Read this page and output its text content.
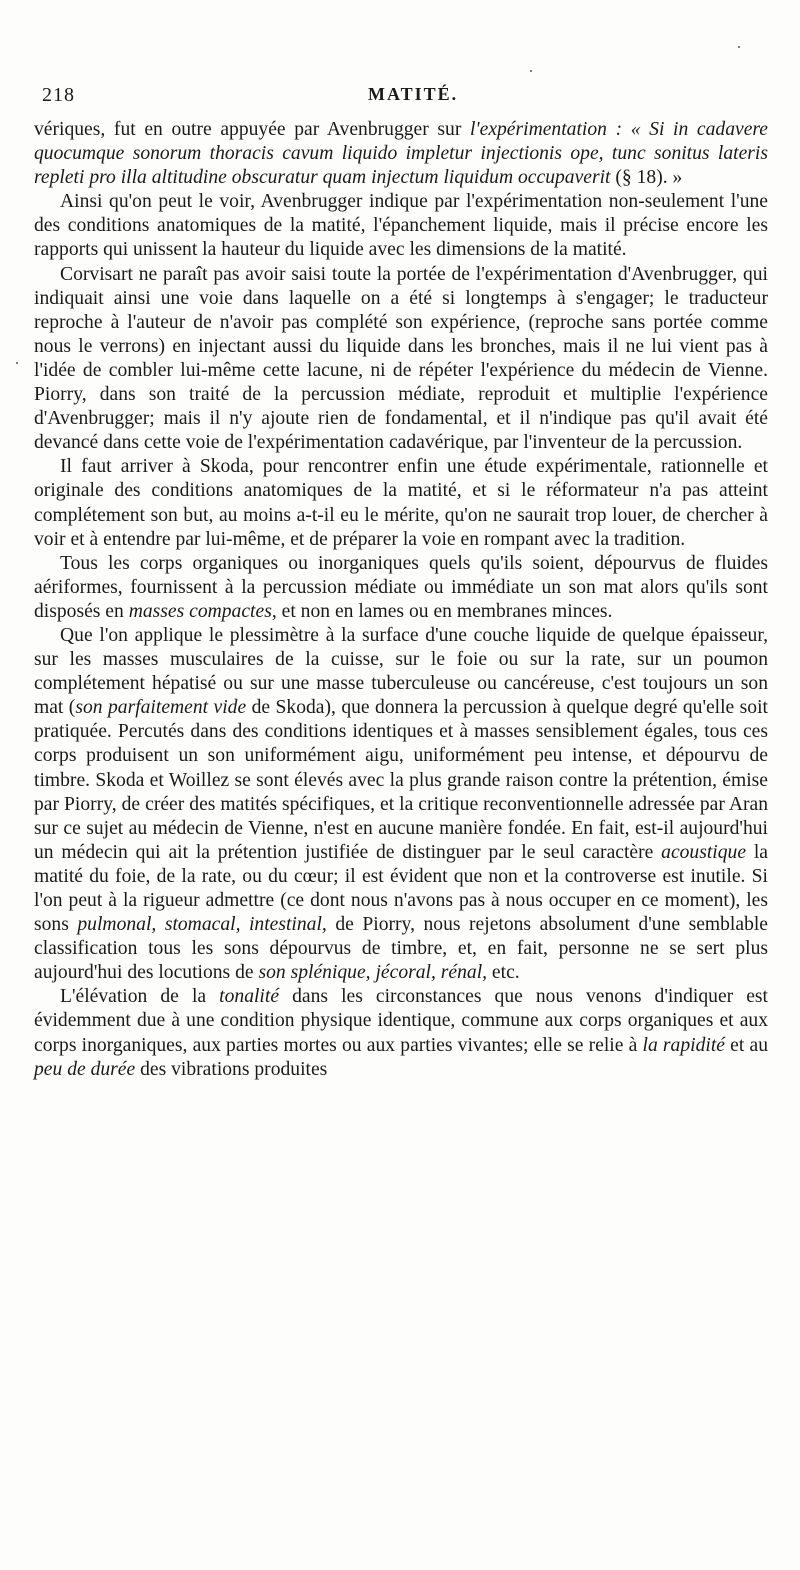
218	MATITÉ.

vériques, fut en outre appuyée par Avenbrugger sur l'expérimentation : « Si in cadavere quocumque sonorum thoracis cavum liquido impletur injectionis ope, tunc sonitus lateris repleti pro illa altitudine obscuratur quam injectum liquidum occupaverit (§ 18). »

Ainsi qu'on peut le voir, Avenbrugger indique par l'expérimentation non-seulement l'une des conditions anatomiques de la matité, l'épanchement liquide, mais il précise encore les rapports qui unissent la hauteur du liquide avec les dimensions de la matité.

Corvisart ne paraît pas avoir saisi toute la portée de l'expérimentation d'Avenbrugger, qui indiquait ainsi une voie dans laquelle on a été si longtemps à s'engager; le traducteur reproche à l'auteur de n'avoir pas complété son expérience, (reproche sans portée comme nous le verrons) en injectant aussi du liquide dans les bronches, mais il ne lui vient pas à l'idée de combler lui-même cette lacune, ni de répéter l'expérience du médecin de Vienne. Piorry, dans son traité de la percussion médiate, reproduit et multiplie l'expérience d'Avenbrugger; mais il n'y ajoute rien de fondamental, et il n'indique pas qu'il avait été devancé dans cette voie de l'expérimentation cadavérique, par l'inventeur de la percussion.

Il faut arriver à Skoda, pour rencontrer enfin une étude expérimentale, rationnelle et originale des conditions anatomiques de la matité, et si le réformateur n'a pas atteint complétement son but, au moins a-t-il eu le mérite, qu'on ne saurait trop louer, de chercher à voir et à entendre par lui-même, et de préparer la voie en rompant avec la tradition.

Tous les corps organiques ou inorganiques quels qu'ils soient, dépourvus de fluides aériformes, fournissent à la percussion médiate ou immédiate un son mat alors qu'ils sont disposés en masses compactes, et non en lames ou en membranes minces.

Que l'on applique le plessimètre à la surface d'une couche liquide de quelque épaisseur, sur les masses musculaires de la cuisse, sur le foie ou sur la rate, sur un poumon complétement hépatisé ou sur une masse tuberculeuse ou cancéreuse, c'est toujours un son mat (son parfaitement vide de Skoda), que donnera la percussion à quelque degré qu'elle soit pratiquée. Percutés dans des conditions identiques et à masses sensiblement égales, tous ces corps produisent un son uniformément aigu, uniformément peu intense, et dépourvu de timbre. Skoda et Woillez se sont élevés avec la plus grande raison contre la prétention, émise par Piorry, de créer des matités spécifiques, et la critique reconventionnelle adressée par Aran sur ce sujet au médecin de Vienne, n'est en aucune manière fondée. En fait, est-il aujourd'hui un médecin qui ait la prétention justifiée de distinguer par le seul caractère acoustique la matité du foie, de la rate, ou du cœur; il est évident que non et la controverse est inutile. Si l'on peut à la rigueur admettre (ce dont nous n'avons pas à nous occuper en ce moment), les sons pulmonal, stomacal, intestinal, de Piorry, nous rejetons absolument d'une semblable classification tous les sons dépourvus de timbre, et, en fait, personne ne se sert plus aujourd'hui des locutions de son splénique, jécoral, rénal, etc.

L'élévation de la tonalité dans les circonstances que nous venons d'indiquer est évidemment due à une condition physique identique, commune aux corps organiques et aux corps inorganiques, aux parties mortes ou aux parties vivantes; elle se relie à la rapidité et au peu de durée des vibrations produites
